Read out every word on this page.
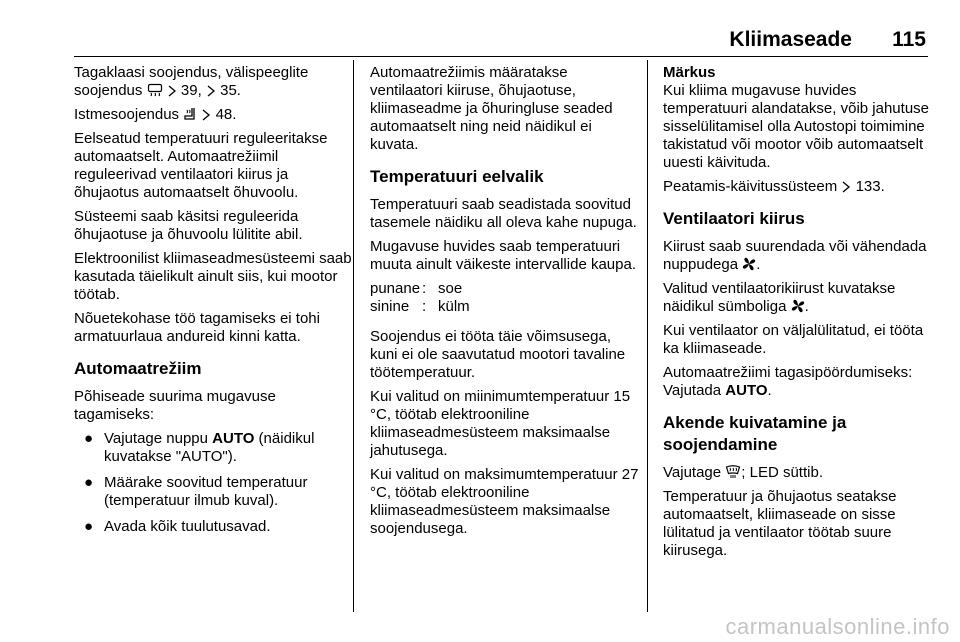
Kliimaseade	115

Tagaklaasi soojendus, välispeeglite soojendus	39,  35.

Istmesoojendus 48.

Eelseatud temperatuuri reguleeritakse automaatselt. Automaatrežiimil reguleerivad ventilaatori kiirus ja õhujaotus automaatselt õhuvoolu.

Süsteemi saab käsitsi reguleerida õhujaotuse ja õhuvoolu lülitite abil.

Elektroonilist kliimaseadmesüsteemi saab kasutada täielikult ainult siis, kui mootor töötab.

Nõuetekohase töö tagamiseks ei tohi armatuurlaua andureid kinni katta.

Automaatrežiim

Põhiseade suurima mugavuse tagamiseks:

● Vajutage nuppu AUTO (näidikul kuvatakse "AUTO").
● Määrake soovitud temperatuur (temperatuur ilmub kuval).
● Avada kõik tuulutusavad.

Automaatrežiimis määratakse ventilaatori kiiruse, õhujaotuse, kliimaseadme ja õhuringluse seaded automaatselt ning neid näidikul ei kuvata.

Temperatuuri eelvalik

Temperatuuri saab seadistada soovitud tasemele näidiku all oleva kahe nupuga.

Mugavuse huvides saab temperatuuri muuta ainult väikeste intervallide kaupa.

punane	:	soe
sinine	:	külm

Soojendus ei tööta täie võimsusega, kuni ei ole saavutatud mootori tavaline töötemperatuur.

Kui valitud on miinimumtemperatuur 15 °C, töötab elektrooniline kliimaseadmesüsteem maksimaalse jahutusega.

Kui valitud on maksimumtemperatuur 27 °C, töötab elektrooniline kliimaseadmesüsteem maksimaalse soojendusega.

Märkus

Kui kliima mugavuse huvides temperatuuri alandatakse, võib jahutuse sisselülitamisel olla Autostopi toimimine takistatud või mootor võib automaatselt uuesti käivituda.

Peatamis-käivitussüsteem 133.

Ventilaatori kiirus

Kiirust saab suurendada või vähendada nuppudega .

Valitud ventilaatorikiirust kuvatakse näidikul sümboliga .

Kui ventilaator on väljalülitatud, ei tööta ka kliimaseade.

Automaatrežiimi tagasipöördumiseks: Vajutada AUTO.

Akende kuivatamine ja soojendamine

Vajutage ; LED süttib.

Temperatuur ja õhujaotus seatakse automaatselt, kliimaseade on sisse lülitatud ja ventilaator töötab suure kiirusega.

carmanualsonline.info
